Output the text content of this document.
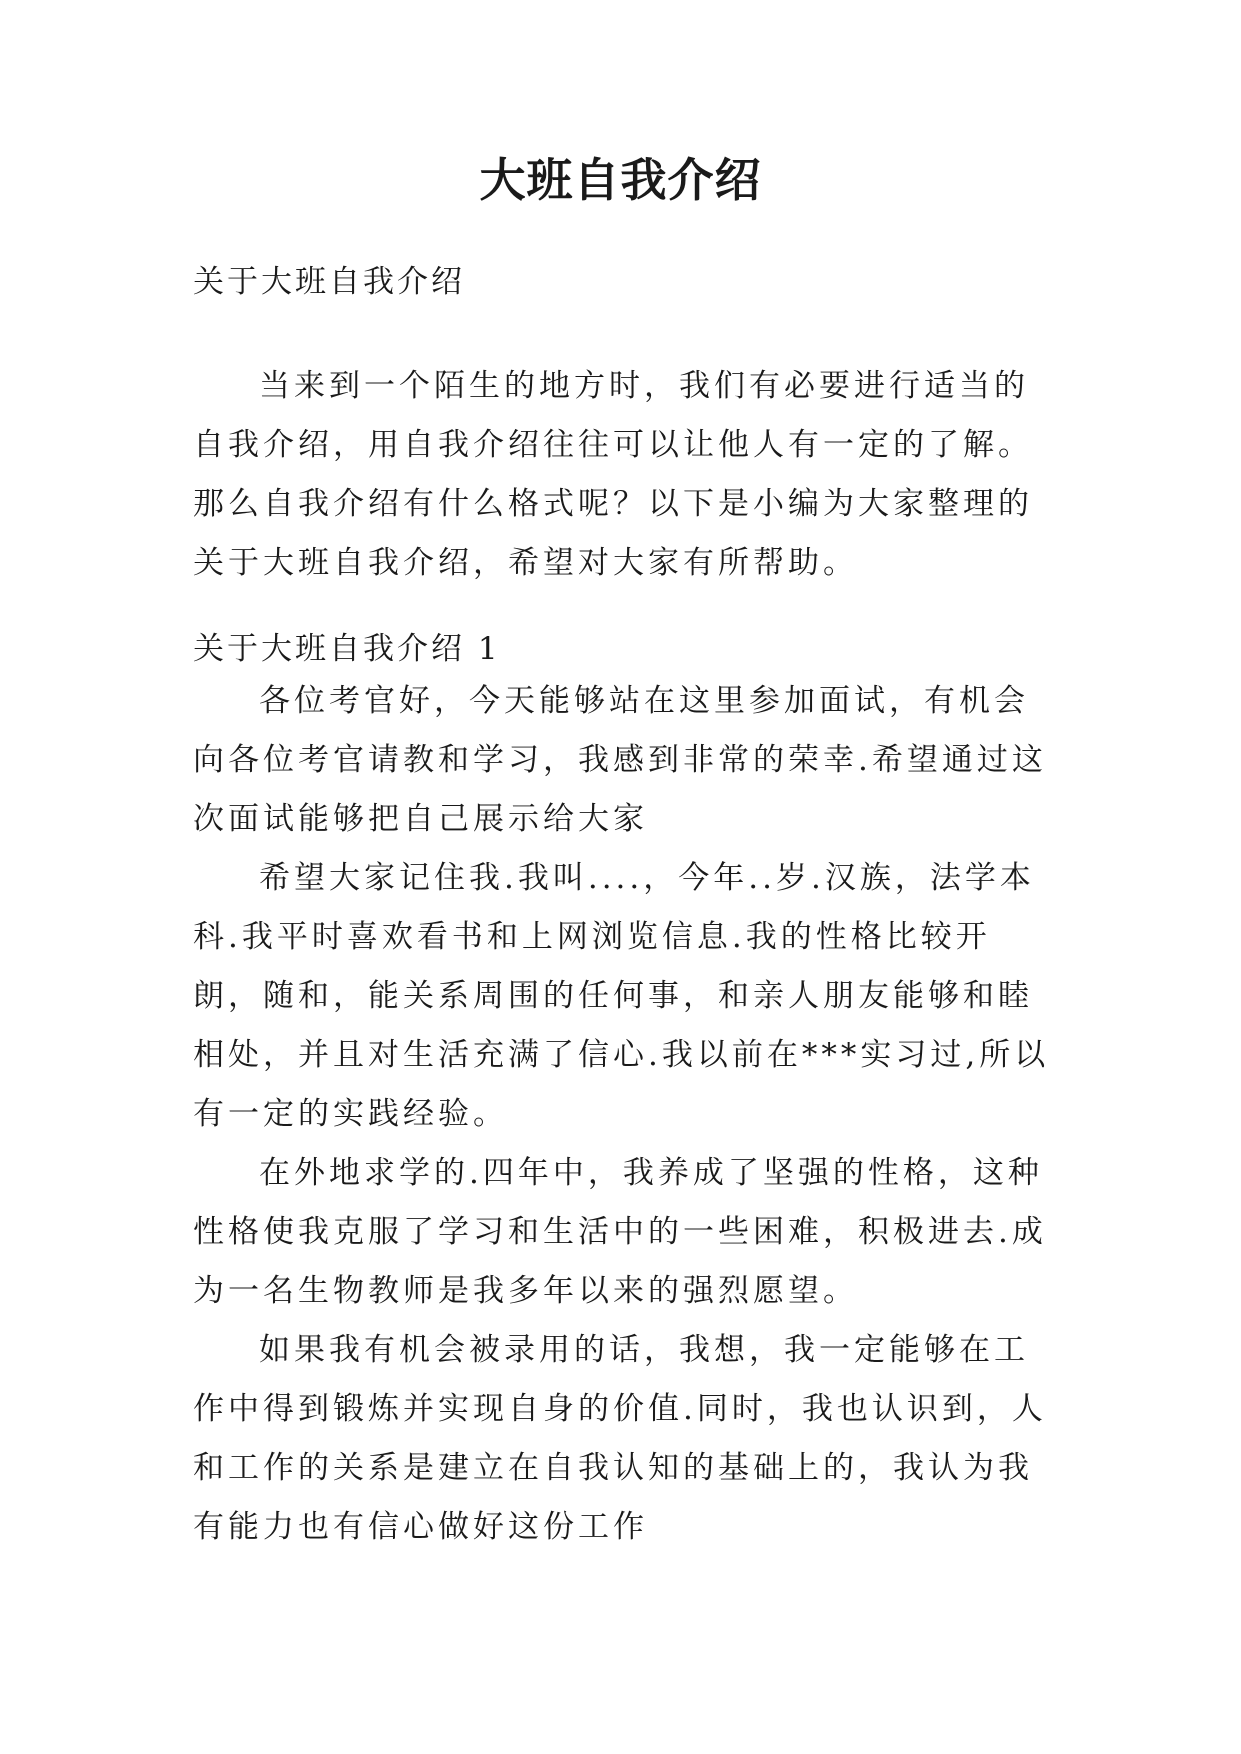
大班自我介绍
关于大班自我介绍

当来到一个陌生的地方时，我们有必要进行适当的自我介绍，用自我介绍往往可以让他人有一定的了解。那么自我介绍有什么格式呢？以下是小编为大家整理的关于大班自我介绍，希望对大家有所帮助。

关于大班自我介绍 1

各位考官好，今天能够站在这里参加面试，有机会向各位考官请教和学习，我感到非常的荣幸.希望通过这次面试能够把自己展示给大家

希望大家记住我.我叫....，今年..岁.汉族，法学本科.我平时喜欢看书和上网浏览信息.我的性格比较开朗，随和，能关系周围的任何事，和亲人朋友能够和睦相处，并且对生活充满了信心.我以前在***实习过,所以有一定的实践经验。

在外地求学的.四年中，我养成了坚强的性格，这种性格使我克服了学习和生活中的一些困难，积极进去.成为一名生物教师是我多年以来的强烈愿望。

如果我有机会被录用的话，我想，我一定能够在工作中得到锻炼并实现自身的价值.同时，我也认识到，人和工作的关系是建立在自我认知的基础上的，我认为我有能力也有信心做好这份工作
